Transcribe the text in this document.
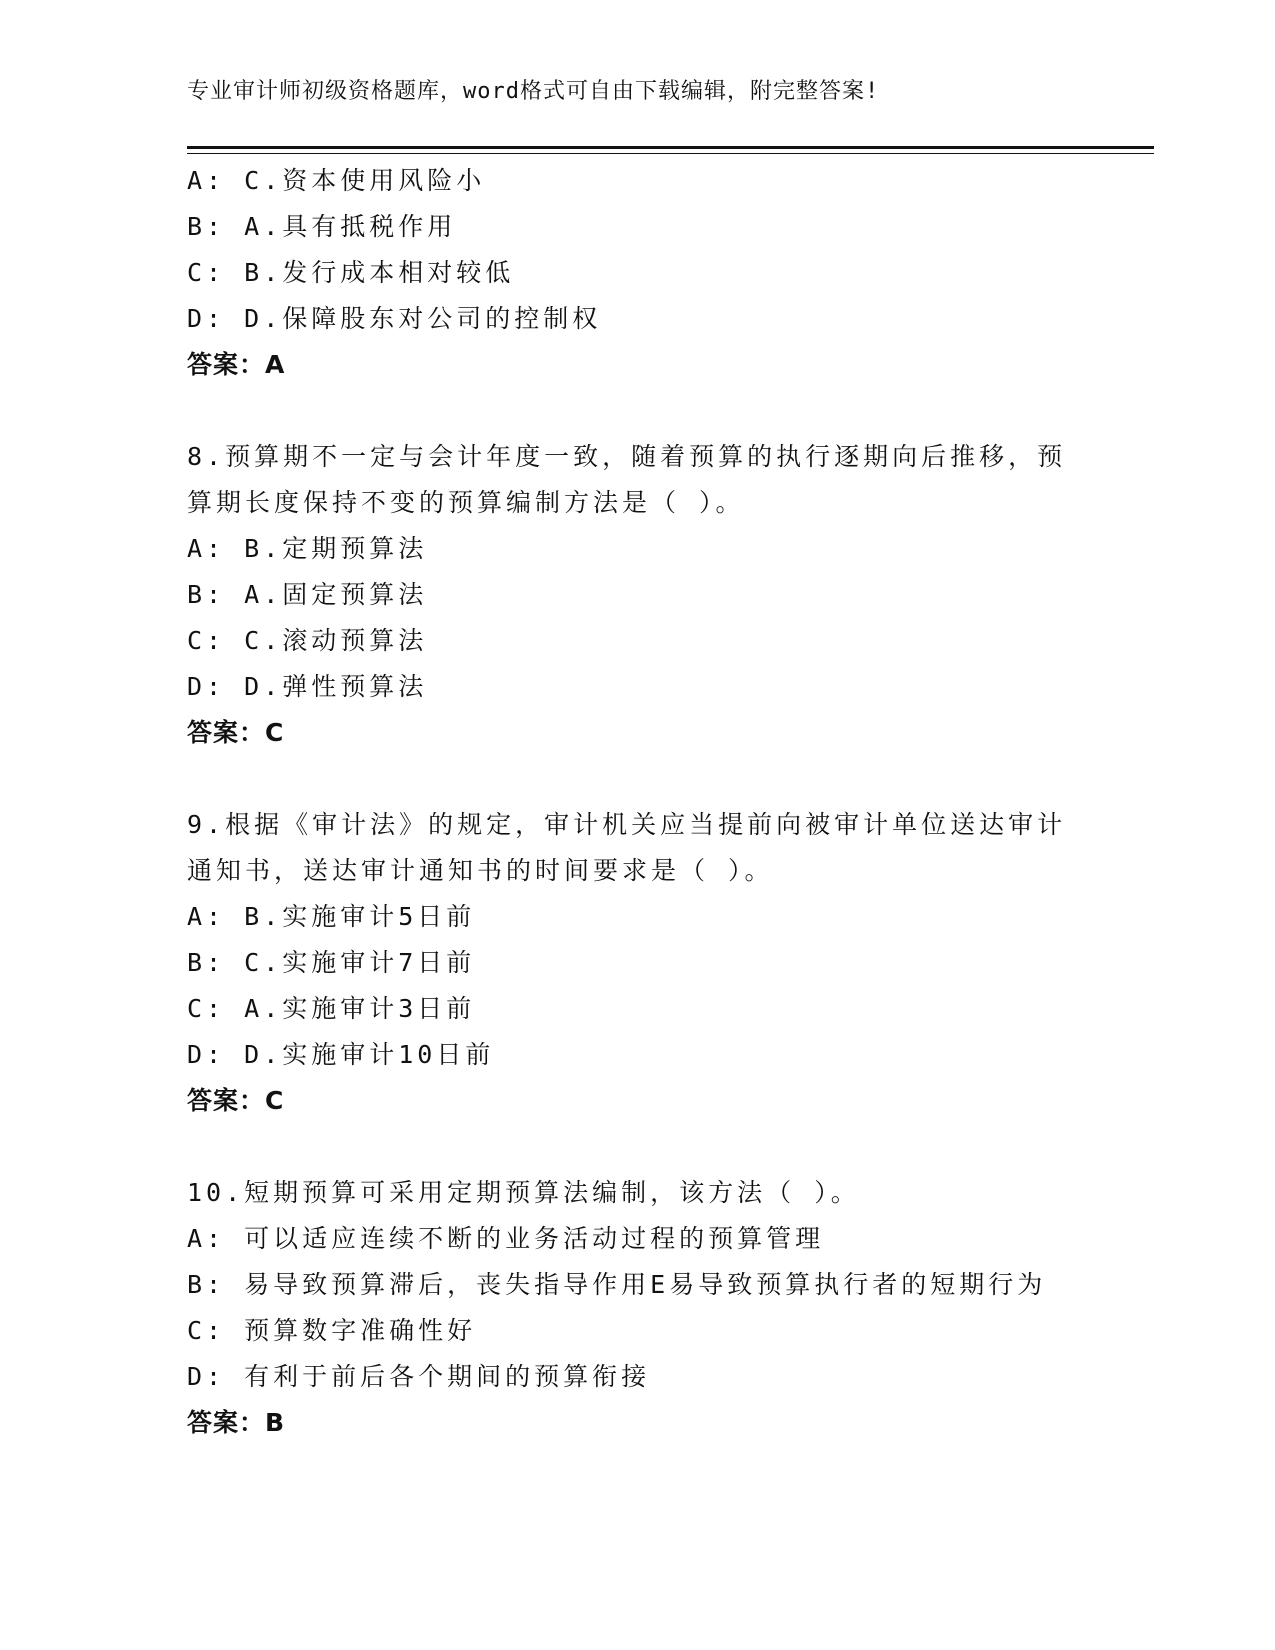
专业审计师初级资格题库，word格式可自由下载编辑，附完整答案!
A: C.资本使用风险小
B: A.具有抵税作用
C: B.发行成本相对较低
D: D.保障股东对公司的控制权
答案：A
8.预算期不一定与会计年度一致，随着预算的执行逐期向后推移，预
算期长度保持不变的预算编制方法是（ ）。
A: B.定期预算法
B: A.固定预算法
C: C.滚动预算法
D: D.弹性预算法
答案：C
9.根据《审计法》的规定，审计机关应当提前向被审计单位送达审计
通知书，送达审计通知书的时间要求是（ ）。
A: B.实施审计5日前
B: C.实施审计7日前
C: A.实施审计3日前
D: D.实施审计10日前
答案：C
10.短期预算可采用定期预算法编制，该方法（ ）。
A: 可以适应连续不断的业务活动过程的预算管理
B: 易导致预算滞后，丧失指导作用E易导致预算执行者的短期行为
C: 预算数字准确性好
D: 有利于前后各个期间的预算衔接
答案：B
